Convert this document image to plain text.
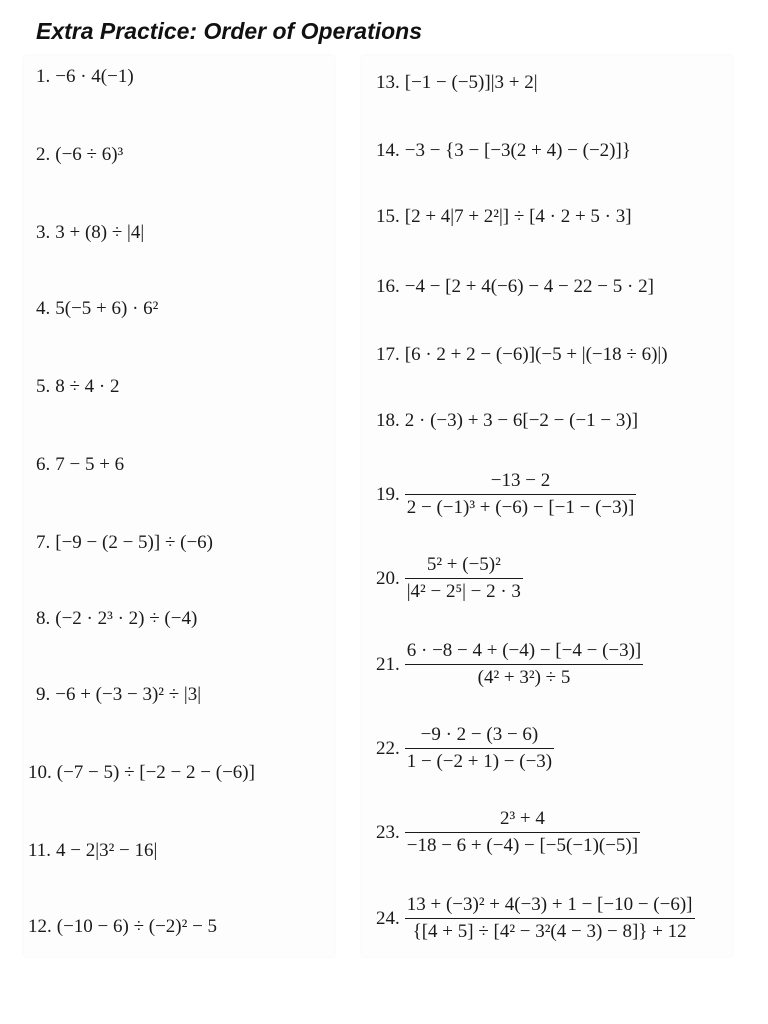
Extra Practice: Order of Operations
1. −6 · 4(−1)
2. (−6 ÷ 6)³
3. 3 + (8) ÷ |4|
4. 5(−5 + 6) · 6²
5. 8 ÷ 4 · 2
6. 7 − 5 + 6
7. [−9 − (2 − 5)] ÷ (−6)
8. (−2 · 2³ · 2) ÷ (−4)
9. −6 + (−3 − 3)² ÷ |3|
10. (−7 − 5) ÷ [−2 − 2 − (−6)]
11. 4 − 2|3² − 16|
12. (−10 − 6) ÷ (−2)² − 5
13. [−1 − (−5)]|3 + 2|
14. −3 − {3 − [−3(2 + 4) − (−2)]}
15. [2 + 4|7 + 2²|] ÷ [4 · 2 + 5 · 3]
16. −4 − [2 + 4(−6) − 4 − 22 − 5 · 2]
17. [6 · 2 + 2 − (−6)](−5 + |(−18 ÷ 6)|)
18. 2 · (−3) + 3 − 6[−2 − (−1 − 3)]
19. $\frac{-13 - 2}{\text{2 − (−1)³ + (−6) − [−1 − (−3)]}}$
20. $\frac{\text{5² + (−5)²}}{\text{|4² − 2⁵| − 2 · 3}}$
21. $\frac{6 \cdot -8 - 4 + (-4) - [-4 - (-3)]}{\text{(4² + 3²) ÷ 5}}$
22. $\frac{-9 \cdot 2 - (3 - 6)}{1 - (-2 + 1) - (-3)}$
23. $\frac{\text{2³ + 4}}{-18 - 6 + (-4) - [-5(-1)(-5)]}$
24. $\frac{\text{13 + (−3)² + 4(−3) + 1 − [−10 − (−6)]}}{\text{\{[4 + 5] ÷ [4² − 3²(4 − 3) − 8]\} + 12}}$
